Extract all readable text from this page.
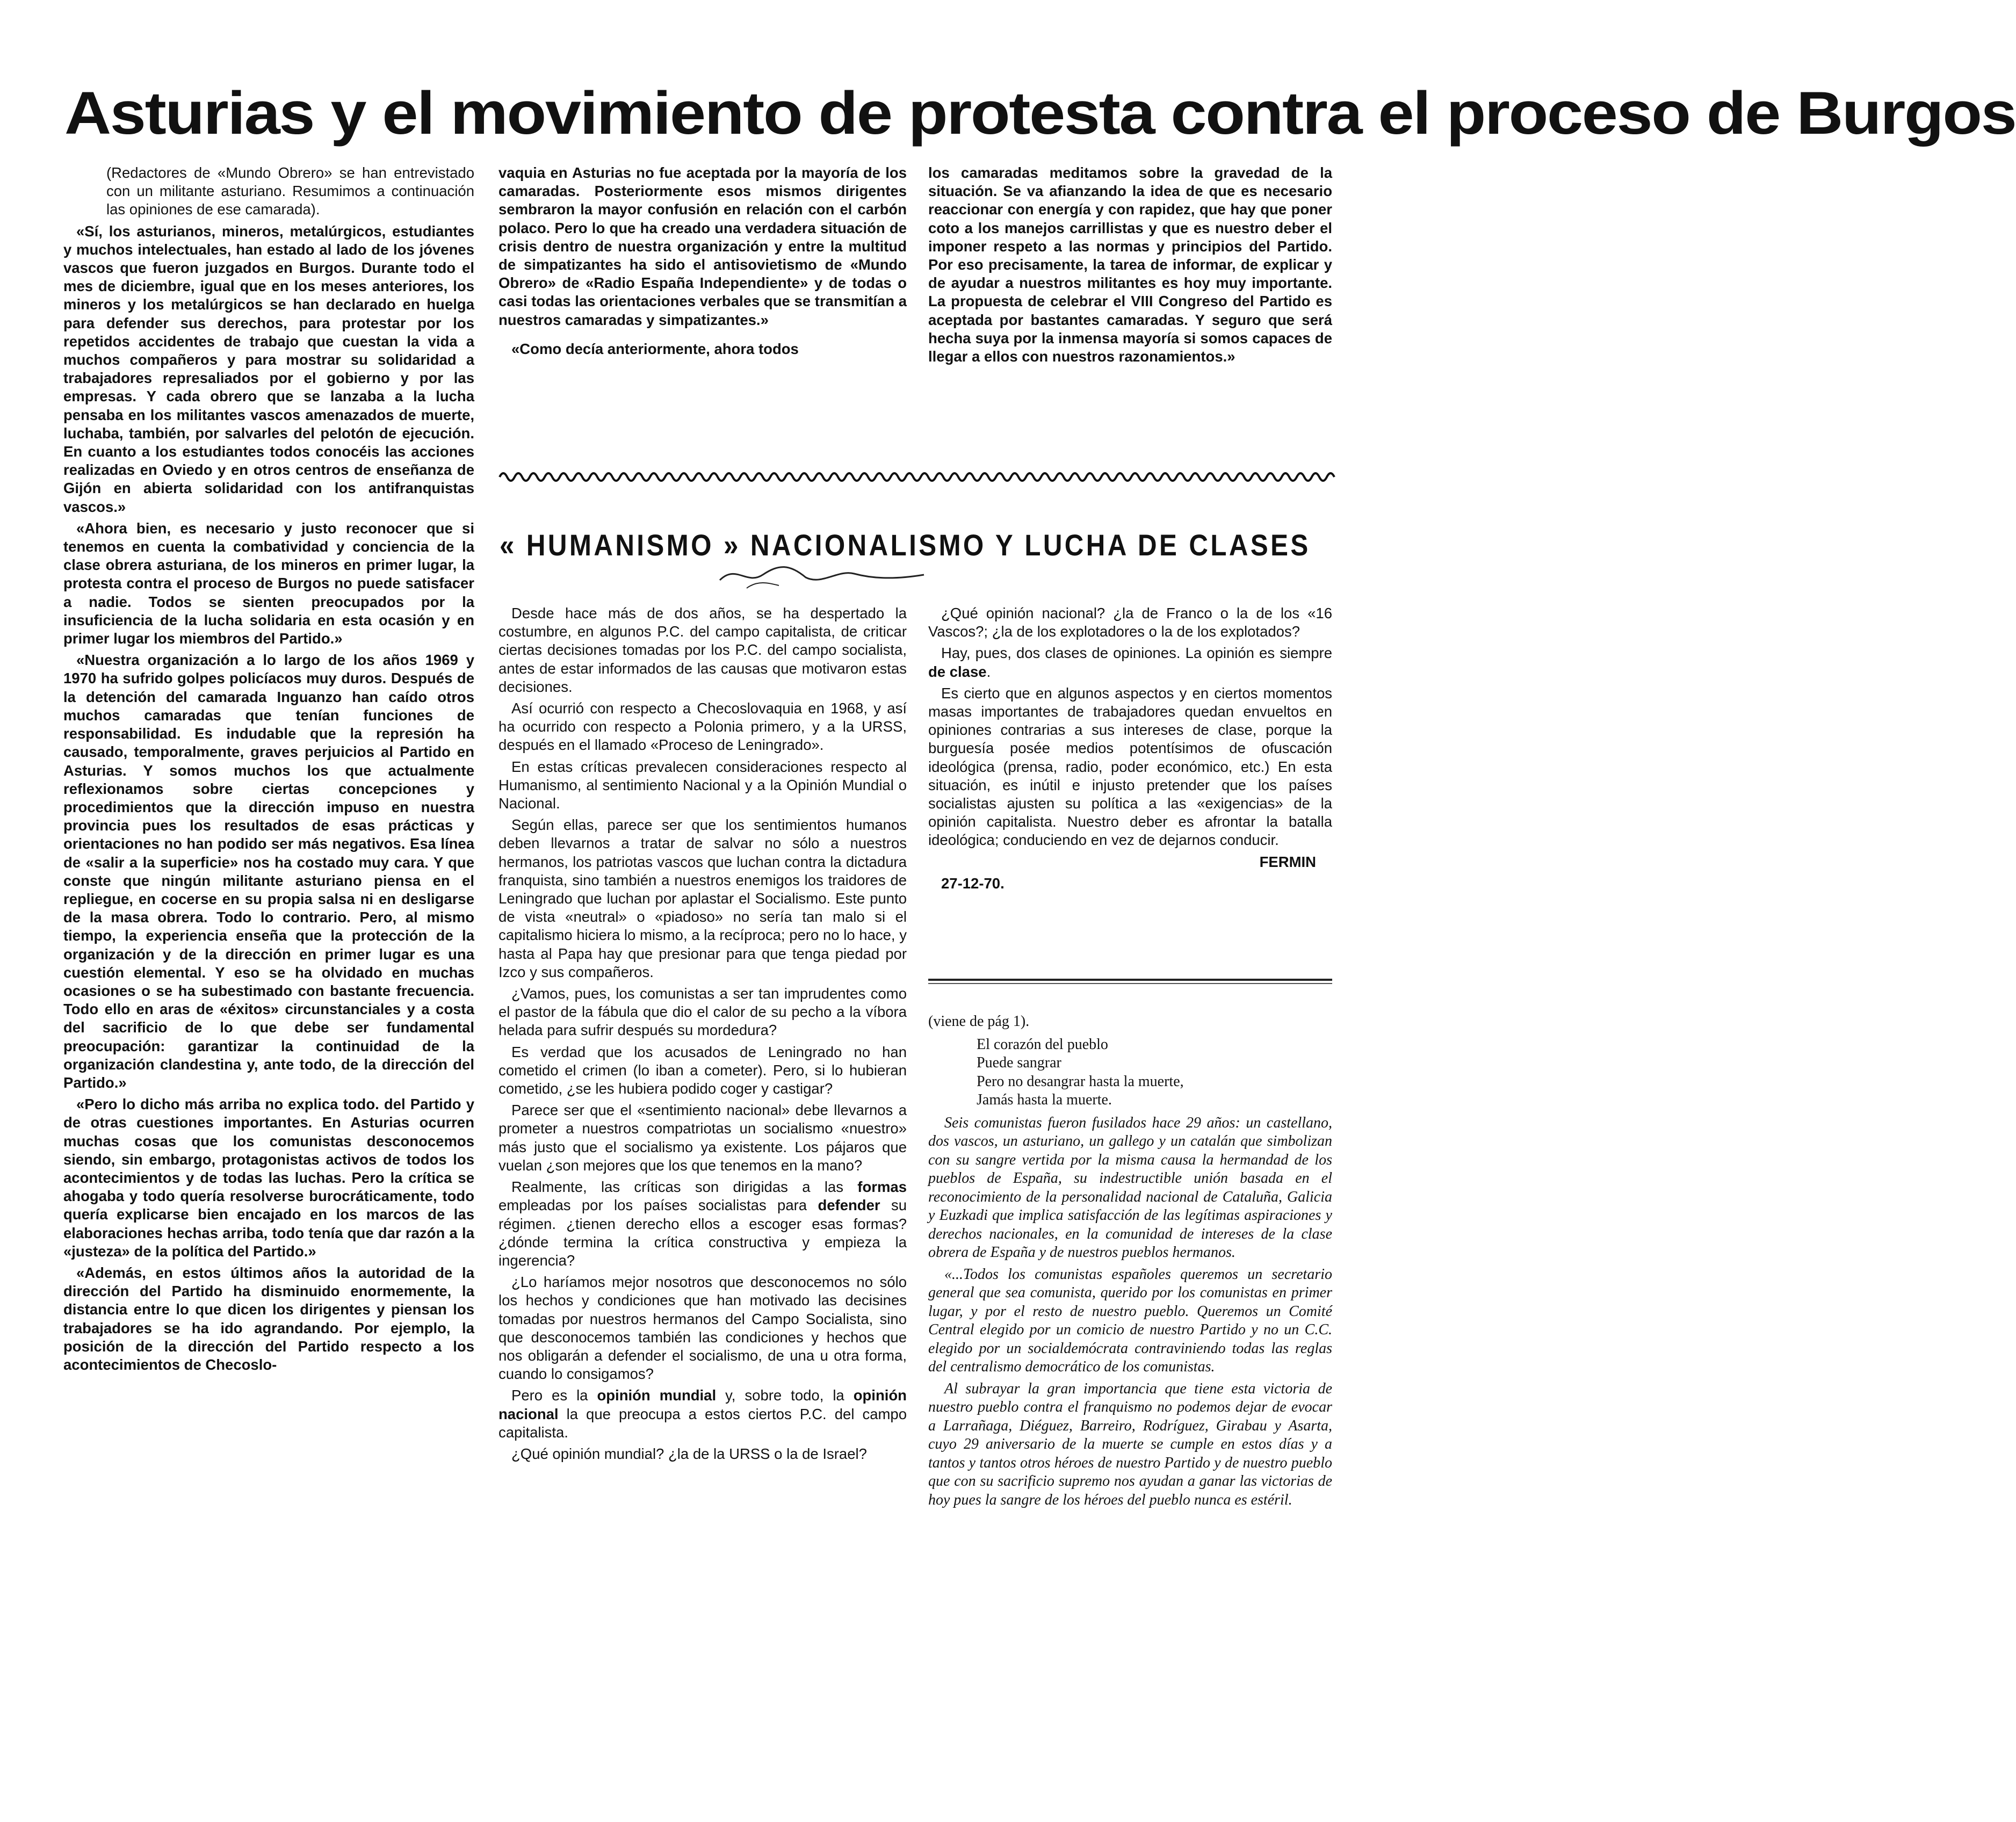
Asturias y el movimiento de protesta contra el proceso de Burgos

(Redactores de «Mundo Obrero» se han entrevistado con un militante asturiano. Resumimos a continuación las opiniones de ese camarada).

«Sí, los asturianos, mineros, metalúrgicos, estudiantes y muchos intelectuales, han estado al lado de los jóvenes vascos que fueron juzgados en Burgos. Durante todo el mes de diciembre, igual que en los meses anteriores, los mineros y los metalúrgicos se han declarado en huelga para defender sus derechos, para protestar por los repetidos accidentes de trabajo que cuestan la vida a muchos compañeros y para mostrar su solidaridad a trabajadores represaliados por el gobierno y por las empresas. Y cada obrero que se lanzaba a la lucha pensaba en los militantes vascos amenazados de muerte, luchaba, también, por salvarles del pelotón de ejecución. En cuanto a los estudiantes todos conocéis las acciones realizadas en Oviedo y en otros centros de enseñanza de Gijón en abierta solidaridad con los antifranquistas vascos.»

«Ahora bien, es necesario y justo reconocer que si tenemos en cuenta la combatividad y conciencia de la clase obrera asturiana, de los mineros en primer lugar, la protesta contra el proceso de Burgos no puede satisfacer a nadie. Todos se sienten preocupados por la insuficiencia de la lucha solidaria en esta ocasión y en primer lugar los miembros del Partido.»

«Nuestra organización a lo largo de los años 1969 y 1970 ha sufrido golpes policíacos muy duros. Después de la detención del camarada Inguanzo han caído otros muchos camaradas que tenían funciones de responsabilidad. Es indudable que la represión ha causado, temporalmente, graves perjuicios al Partido en Asturias. Y somos muchos los que actualmente reflexionamos sobre ciertas concepciones y procedimientos que la dirección impuso en nuestra provincia pues los resultados de esas prácticas y orientaciones no han podido ser más negativos. Esa línea de «salir a la superficie» nos ha costado muy cara. Y que conste que ningún militante asturiano piensa en el repliegue, en cocerse en su propia salsa ni en desligarse de la masa obrera. Todo lo contrario. Pero, al mismo tiempo, la experiencia enseña que la protección de la organización y de la dirección en primer lugar es una cuestión elemental. Y eso se ha olvidado en muchas ocasiones o se ha subestimado con bastante frecuencia. Todo ello en aras de «éxitos» circunstanciales y a costa del sacrificio de lo que debe ser fundamental preocupación: garantizar la continuidad de la organización clandestina y, ante todo, de la dirección del Partido.»

«Pero lo dicho más arriba no explica todo. del Partido y de otras cuestiones importantes. En Asturias ocurren muchas cosas que los comunistas desconocemos siendo, sin embargo, protagonistas activos de todos los acontecimientos y de todas las luchas. Pero la crítica se ahogaba y todo quería resolverse burocráticamente, todo quería explicarse bien encajado en los marcos de las elaboraciones hechas arriba, todo tenía que dar razón a la «justeza» de la política del Partido.»

«Además, en estos últimos años la autoridad de la dirección del Partido ha disminuido enormemente, la distancia entre lo que dicen los dirigentes y piensan los trabajadores se ha ido agrandando. Por ejemplo, la posición de la dirección del Partido respecto a los acontecimientos de Checoslo-

vaquia en Asturias no fue aceptada por la mayoría de los camaradas. Posteriormente esos mismos dirigentes sembraron la mayor confusión en relación con el carbón polaco. Pero lo que ha creado una verdadera situación de crisis dentro de nuestra organización y entre la multitud de simpatizantes ha sido el antisovietismo de «Mundo Obrero» de «Radio España Independiente» y de todas o casi todas las orientaciones verbales que se transmitían a nuestros camaradas y simpatizantes.»

«Como decía anteriormente, ahora todos

los camaradas meditamos sobre la gravedad de la situación. Se va afianzando la idea de que es necesario reaccionar con energía y con rapidez, que hay que poner coto a los manejos carrillistas y que es nuestro deber el imponer respeto a las normas y principios del Partido. Por eso precisamente, la tarea de informar, de explicar y de ayudar a nuestros militantes es hoy muy importante. La propuesta de celebrar el VIII Congreso del Partido es aceptada por bastantes camaradas. Y seguro que será hecha suya por la inmensa mayoría si somos capaces de llegar a ellos con nuestros razonamientos.»

« HUMANISMO » NACIONALISMO Y LUCHA DE CLASES

Desde hace más de dos años, se ha despertado la costumbre, en algunos P.C. del campo capitalista, de criticar ciertas decisiones tomadas por los P.C. del campo socialista, antes de estar informados de las causas que motivaron estas decisiones.

Así ocurrió con respecto a Checoslovaquia en 1968, y así ha ocurrido con respecto a Polonia primero, y a la URSS, después en el llamado «Proceso de Leningrado».

En estas críticas prevalecen consideraciones respecto al Humanismo, al sentimiento Nacional y a la Opinión Mundial o Nacional.

Según ellas, parece ser que los sentimientos humanos deben llevarnos a tratar de salvar no sólo a nuestros hermanos, los patriotas vascos que luchan contra la dictadura franquista, sino también a nuestros enemigos los traidores de Leningrado que luchan por aplastar el Socialismo. Este punto de vista «neutral» o «piadoso» no sería tan malo si el capitalismo hiciera lo mismo, a la recíproca; pero no lo hace, y hasta al Papa hay que presionar para que tenga piedad por Izco y sus compañeros.

¿Vamos, pues, los comunistas a ser tan imprudentes como el pastor de la fábula que dio el calor de su pecho a la víbora helada para sufrir después su mordedura?

Es verdad que los acusados de Leningrado no han cometido el crimen (lo iban a cometer). Pero, si lo hubieran cometido, ¿se les hubiera podido coger y castigar?

Parece ser que el «sentimiento nacional» debe llevarnos a prometer a nuestros compatriotas un socialismo «nuestro» más justo que el socialismo ya existente. Los pájaros que vuelan ¿son mejores que los que tenemos en la mano?

Realmente, las críticas son dirigidas a las formas empleadas por los países socialistas para defender su régimen. ¿tienen derecho ellos a escoger esas formas? ¿dónde termina la crítica constructiva y empieza la ingerencia?

¿Lo haríamos mejor nosotros que desconocemos no sólo los hechos y condiciones que han motivado las decisines tomadas por nuestros hermanos del Campo Socialista, sino que desconocemos también las condiciones y hechos que nos obligarán a defender el socialismo, de una u otra forma, cuando lo consigamos?

Pero es la opinión mundial y, sobre todo, la opinión nacional la que preocupa a estos ciertos P.C. del campo capitalista.

¿Qué opinión mundial? ¿la de la URSS o la de Israel?

¿Qué opinión nacional? ¿la de Franco o la de los «16 Vascos?; ¿la de los explotadores o la de los explotados?

Hay, pues, dos clases de opiniones. La opinión es siempre de clase.

Es cierto que en algunos aspectos y en ciertos momentos masas importantes de trabajadores quedan envueltos en opiniones contrarias a sus intereses de clase, porque la burguesía posée medios potentísimos de ofuscación ideológica (prensa, radio, poder económico, etc.) En esta situación, es inútil e injusto pretender que los países socialistas ajusten su política a las «exigencias» de la opinión capitalista. Nuestro deber es afrontar la batalla ideológica; conduciendo en vez de dejarnos conducir.

FERMIN

27-12-70.

(viene de pág 1).

El corazón del pueblo
Puede sangrar
Pero no desangrar hasta la muerte,
Jamás hasta la muerte.

Seis comunistas fueron fusilados hace 29 años: un castellano, dos vascos, un asturiano, un gallego y un catalán que simbolizan con su sangre vertida por la misma causa la hermandad de los pueblos de España, su indestructible unión basada en el reconocimiento de la personalidad nacional de Cataluña, Galicia y Euzkadi que implica satisfacción de las legítimas aspiraciones y derechos nacionales, en la comunidad de intereses de la clase obrera de España y de nuestros pueblos hermanos.

«...Todos los comunistas españoles queremos un secretario general que sea comunista, querido por los comunistas en primer lugar, y por el resto de nuestro pueblo. Queremos un Comité Central elegido por un comicio de nuestro Partido y no un C.C. elegido por un socialdemócrata contraviniendo todas las reglas del centralismo democrático de los comunistas.

Al subrayar la gran importancia que tiene esta victoria de nuestro pueblo contra el franquismo no podemos dejar de evocar a Larrañaga, Diéguez, Barreiro, Rodríguez, Girabau y Asarta, cuyo 29 aniversario de la muerte se cumple en estos días y a tantos y tantos otros héroes de nuestro Partido y de nuestro pueblo que con su sacrificio supremo nos ayudan a ganar las victorias de hoy pues la sangre de los héroes del pueblo nunca es estéril.
